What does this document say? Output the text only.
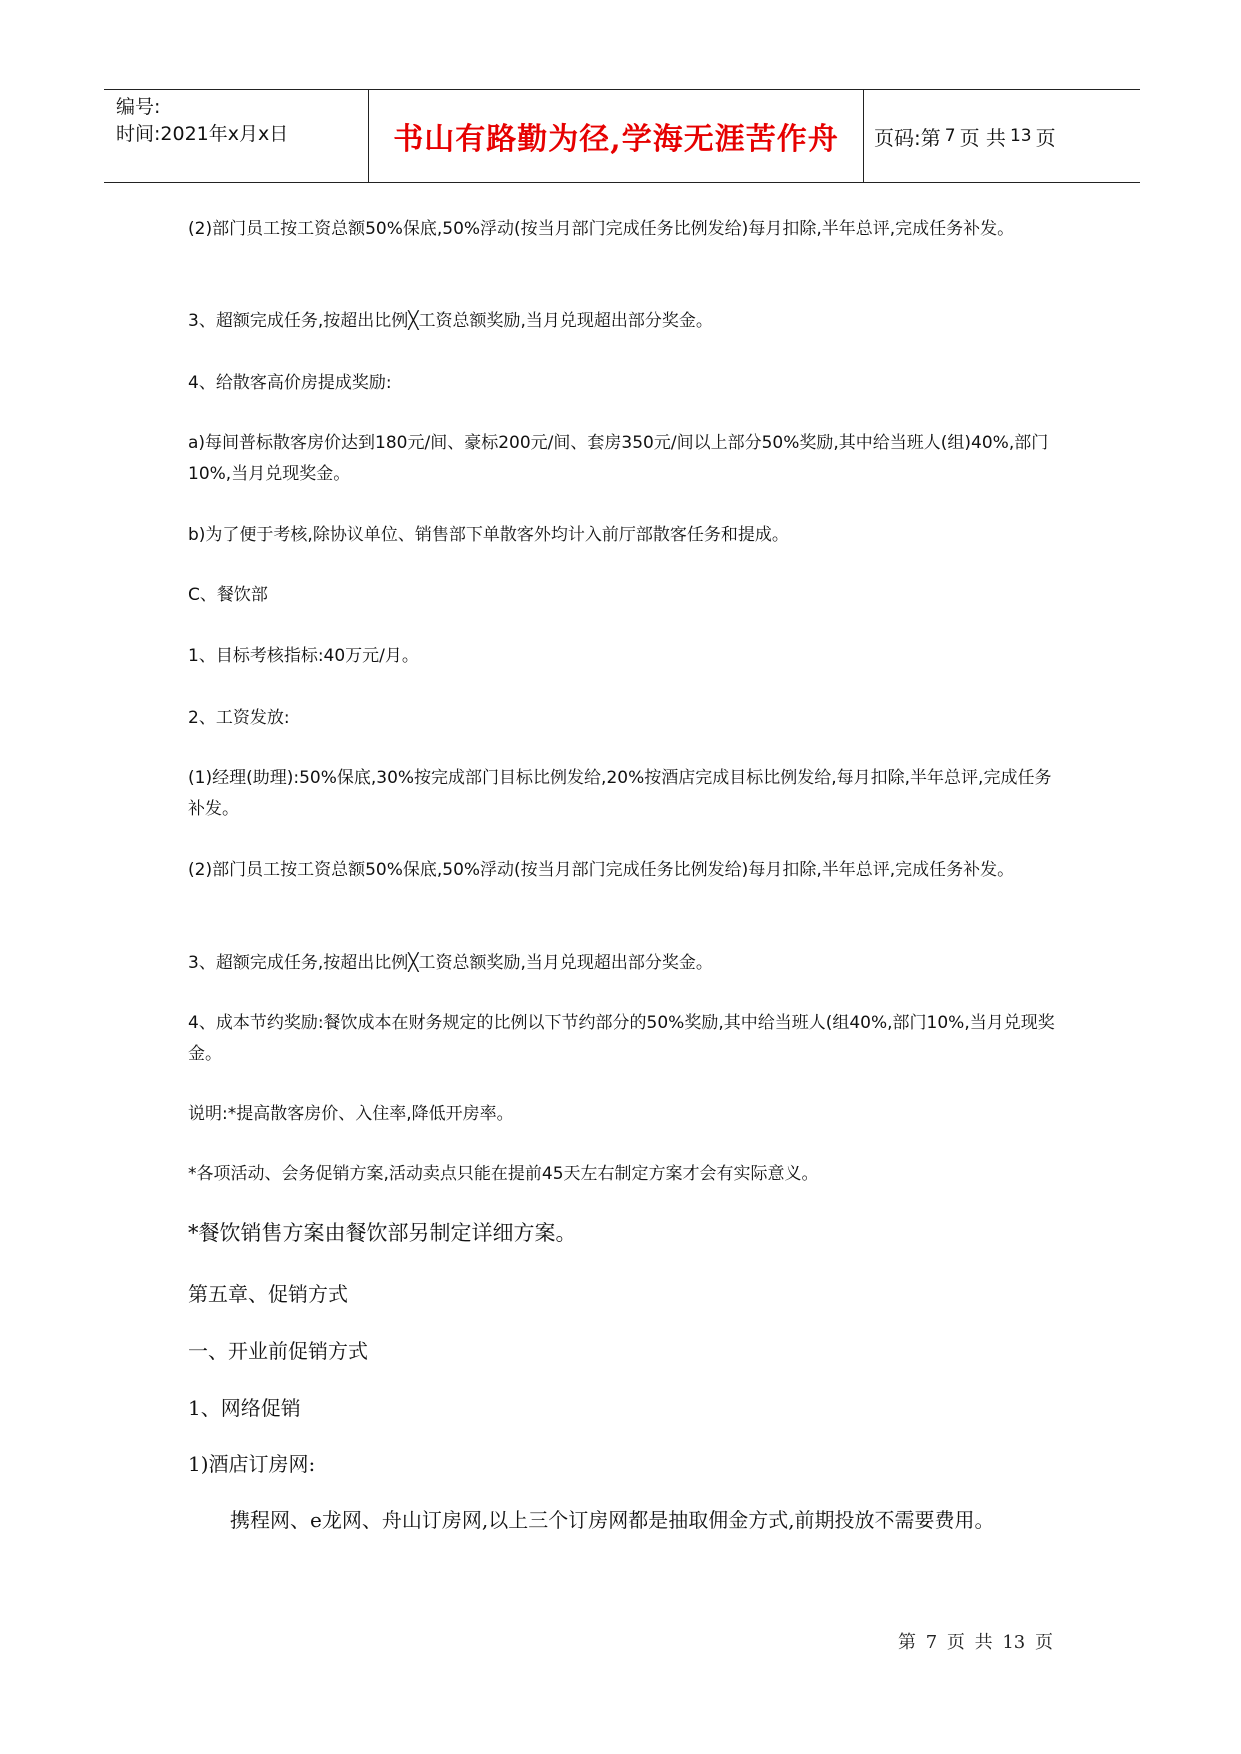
编号:
时间:2021年x月x日	书山有路勤为径,学海无涯苦作舟	页码:第 7 页 共 13 页

(2)部门员工按工资总额50%保底,50%浮动(按当月部门完成任务比例发给)每月扣除,半年总评,完成任务补发。

3、超额完成任务,按超出比例╳工资总额奖励,当月兑现超出部分奖金。

4、给散客高价房提成奖励:

a)每间普标散客房价达到180元/间、豪标200元/间、套房350元/间以上部分50%奖励,其中给当班人(组)40%,部门10%,当月兑现奖金。

b)为了便于考核,除协议单位、销售部下单散客外均计入前厅部散客任务和提成。

C、餐饮部

1、目标考核指标:40万元/月。

2、工资发放:

(1)经理(助理):50%保底,30%按完成部门目标比例发给,20%按酒店完成目标比例发给,每月扣除,半年总评,完成任务补发。

(2)部门员工按工资总额50%保底,50%浮动(按当月部门完成任务比例发给)每月扣除,半年总评,完成任务补发。

3、超额完成任务,按超出比例╳工资总额奖励,当月兑现超出部分奖金。

4、成本节约奖励:餐饮成本在财务规定的比例以下节约部分的50%奖励,其中给当班人(组40%,部门10%,当月兑现奖金。

说明:*提高散客房价、入住率,降低开房率。

*各项活动、会务促销方案,活动卖点只能在提前45天左右制定方案才会有实际意义。

*餐饮销售方案由餐饮部另制定详细方案。

第五章、促销方式

一、开业前促销方式

1、网络促销

1)酒店订房网:

携程网、e龙网、舟山订房网,以上三个订房网都是抽取佣金方式,前期投放不需要费用。

第 7 页 共 13 页
